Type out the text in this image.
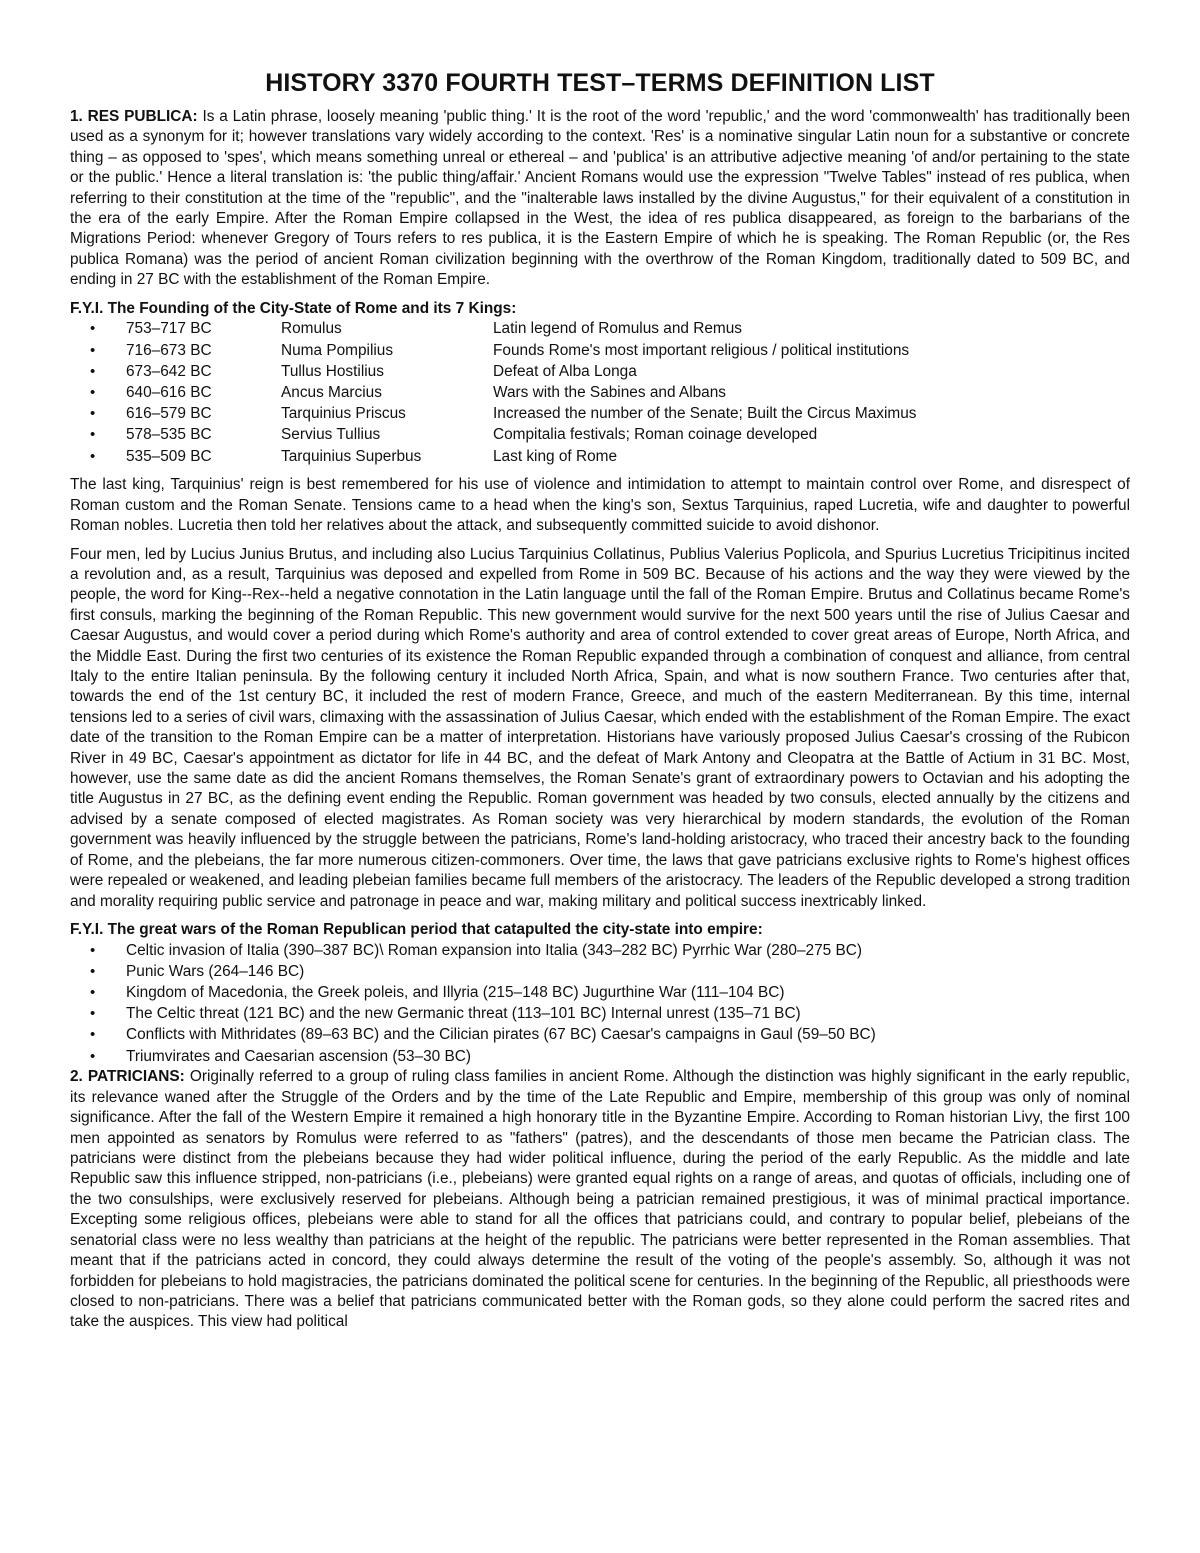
HISTORY 3370 FOURTH TEST–TERMS DEFINITION LIST

1. RES PUBLICA: Is a Latin phrase, loosely meaning 'public thing.' It is the root of the word 'republic,' and the word 'commonwealth' has traditionally been used as a synonym for it; however translations vary widely according to the context. 'Res' is a nominative singular Latin noun for a substantive or concrete thing – as opposed to 'spes', which means something unreal or ethereal – and 'publica' is an attributive adjective meaning 'of and/or pertaining to the state or the public.' Hence a literal translation is: 'the public thing/affair.' Ancient Romans would use the expression "Twelve Tables" instead of res publica, when referring to their constitution at the time of the "republic", and the "inalterable laws installed by the divine Augustus," for their equivalent of a constitution in the era of the early Empire. After the Roman Empire collapsed in the West, the idea of res publica disappeared, as foreign to the barbarians of the Migrations Period: whenever Gregory of Tours refers to res publica, it is the Eastern Empire of which he is speaking. The Roman Republic (or, the Res publica Romana) was the period of ancient Roman civilization beginning with the overthrow of the Roman Kingdom, traditionally dated to 509 BC, and ending in 27 BC with the establishment of the Roman Empire.

F.Y.I. The Founding of the City-State of Rome and its 7 Kings:

•
753–717 BC	Romulus	Latin legend of Romulus and Remus
•
716–673 BC	Numa Pompilius	Founds Rome's most important religious / political institutions
•
673–642 BC	Tullus Hostilius	Defeat of Alba Longa
•
640–616 BC	Ancus Marcius	Wars with the Sabines and Albans
•
616–579 BC	Tarquinius Priscus	Increased the number of the Senate; Built the Circus Maximus
•
578–535 BC	Servius Tullius	Compitalia festivals; Roman coinage developed
•
535–509 BC	Tarquinius Superbus	Last king of Rome

The last king, Tarquinius' reign is best remembered for his use of violence and intimidation to attempt to maintain control over Rome, and disrespect of Roman custom and the Roman Senate. Tensions came to a head when the king's son, Sextus Tarquinius, raped Lucretia, wife and daughter to powerful Roman nobles. Lucretia then told her relatives about the attack, and subsequently committed suicide to avoid dishonor.

Four men, led by Lucius Junius Brutus, and including also Lucius Tarquinius Collatinus, Publius Valerius Poplicola, and Spurius Lucretius Tricipitinus incited a revolution and, as a result, Tarquinius was deposed and expelled from Rome in 509 BC. Because of his actions and the way they were viewed by the people, the word for King--Rex--held a negative connotation in the Latin language until the fall of the Roman Empire. Brutus and Collatinus became Rome's first consuls, marking the beginning of the Roman Republic. This new government would survive for the next 500 years until the rise of Julius Caesar and Caesar Augustus, and would cover a period during which Rome's authority and area of control extended to cover great areas of Europe, North Africa, and the Middle East. During the first two centuries of its existence the Roman Republic expanded through a combination of conquest and alliance, from central Italy to the entire Italian peninsula. By the following century it included North Africa, Spain, and what is now southern France. Two centuries after that, towards the end of the 1st century BC, it included the rest of modern France, Greece, and much of the eastern Mediterranean. By this time, internal tensions led to a series of civil wars, climaxing with the assassination of Julius Caesar, which ended with the establishment of the Roman Empire. The exact date of the transition to the Roman Empire can be a matter of interpretation. Historians have variously proposed Julius Caesar's crossing of the Rubicon River in 49 BC, Caesar's appointment as dictator for life in 44 BC, and the defeat of Mark Antony and Cleopatra at the Battle of Actium in 31 BC. Most, however, use the same date as did the ancient Romans themselves, the Roman Senate's grant of extraordinary powers to Octavian and his adopting the title Augustus in 27 BC, as the defining event ending the Republic. Roman government was headed by two consuls, elected annually by the citizens and advised by a senate composed of elected magistrates. As Roman society was very hierarchical by modern standards, the evolution of the Roman government was heavily influenced by the struggle between the patricians, Rome's land-holding aristocracy, who traced their ancestry back to the founding of Rome, and the plebeians, the far more numerous citizen-commoners. Over time, the laws that gave patricians exclusive rights to Rome's highest offices were repealed or weakened, and leading plebeian families became full members of the aristocracy. The leaders of the Republic developed a strong tradition and morality requiring public service and patronage in peace and war, making military and political success inextricably linked.

F.Y.I. The great wars of the Roman Republican period that catapulted the city-state into empire:

•
Celtic invasion of Italia (390–387 BC)\ Roman expansion into Italia (343–282 BC) Pyrrhic War (280–275 BC)
•
Punic Wars (264–146 BC)
•
Kingdom of Macedonia, the Greek poleis, and Illyria (215–148 BC) Jugurthine War (111–104 BC)
•
The Celtic threat (121 BC) and the new Germanic threat (113–101 BC) Internal unrest (135–71 BC)
•
Conflicts with Mithridates (89–63 BC) and the Cilician pirates (67 BC) Caesar's campaigns in Gaul (59–50 BC)
•
Triumvirates and Caesarian ascension (53–30 BC)

2. PATRICIANS: Originally referred to a group of ruling class families in ancient Rome. Although the distinction was highly significant in the early republic, its relevance waned after the Struggle of the Orders and by the time of the Late Republic and Empire, membership of this group was only of nominal significance. After the fall of the Western Empire it remained a high honorary title in the Byzantine Empire. According to Roman historian Livy, the first 100 men appointed as senators by Romulus were referred to as "fathers" (patres), and the descendants of those men became the Patrician class. The patricians were distinct from the plebeians because they had wider political influence, during the period of the early Republic. As the middle and late Republic saw this influence stripped, non-patricians (i.e., plebeians) were granted equal rights on a range of areas, and quotas of officials, including one of the two consulships, were exclusively reserved for plebeians. Although being a patrician remained prestigious, it was of minimal practical importance. Excepting some religious offices, plebeians were able to stand for all the offices that patricians could, and contrary to popular belief, plebeians of the senatorial class were no less wealthy than patricians at the height of the republic. The patricians were better represented in the Roman assemblies. That meant that if the patricians acted in concord, they could always determine the result of the voting of the people's assembly. So, although it was not forbidden for plebeians to hold magistracies, the patricians dominated the political scene for centuries. In the beginning of the Republic, all priesthoods were closed to non-patricians. There was a belief that patricians communicated better with the Roman gods, so they alone could perform the sacred rites and take the auspices. This view had political
